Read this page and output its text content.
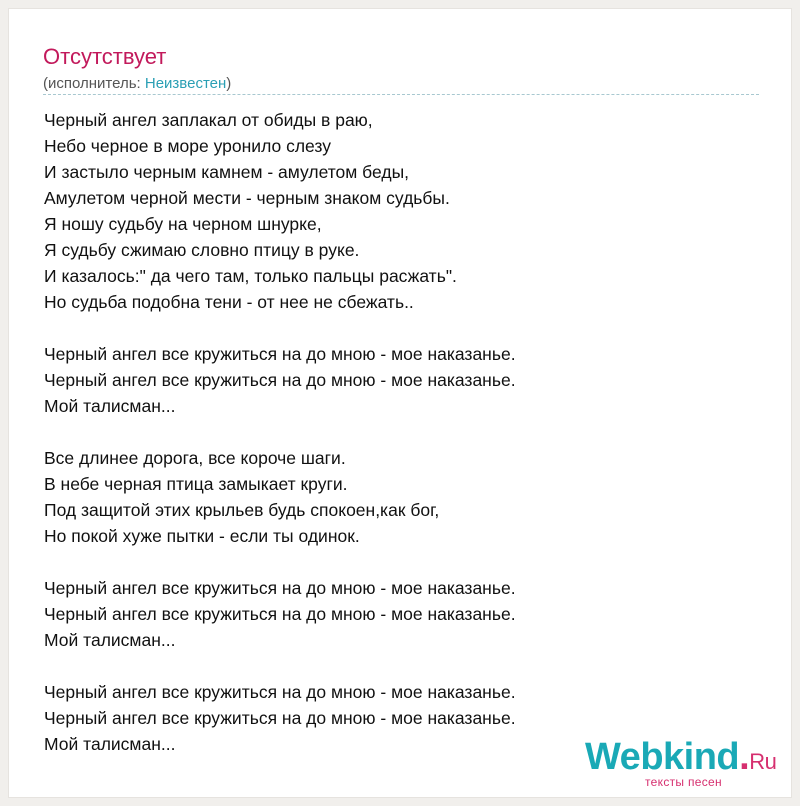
Отсутствует
(исполнитель: Неизвестен)
Черный ангел заплакал от обиды в раю,
Небо черное в море уронило слезу
И застыло черным камнем - амулетом беды,
Амулетом черной мести - черным знаком судьбы.
Я ношу судьбу на черном шнурке,
Я судьбу сжимаю словно птицу в руке.
И казалось:" да чего там, только пальцы расжать".
Но судьба подобна тени - от нее не сбежать..
Черный ангел все кружиться на до мною - мое наказанье.
Черный ангел все кружиться на до мною - мое наказанье.
Мой талисман...
Все длинее дорога, все короче шаги.
В небе черная птица замыкает круги.
Под защитой этих крыльев будь спокоен,как бог,
Но покой хуже пытки - если ты одинок.
Черный ангел все кружиться на до мною - мое наказанье.
Черный ангел все кружиться на до мною - мое наказанье.
Мой талисман...
Черный ангел все кружиться на до мною - мое наказанье.
Черный ангел все кружиться на до мною - мое наказанье.
Мой талисман...	Webkind.Ru
тексты песен
